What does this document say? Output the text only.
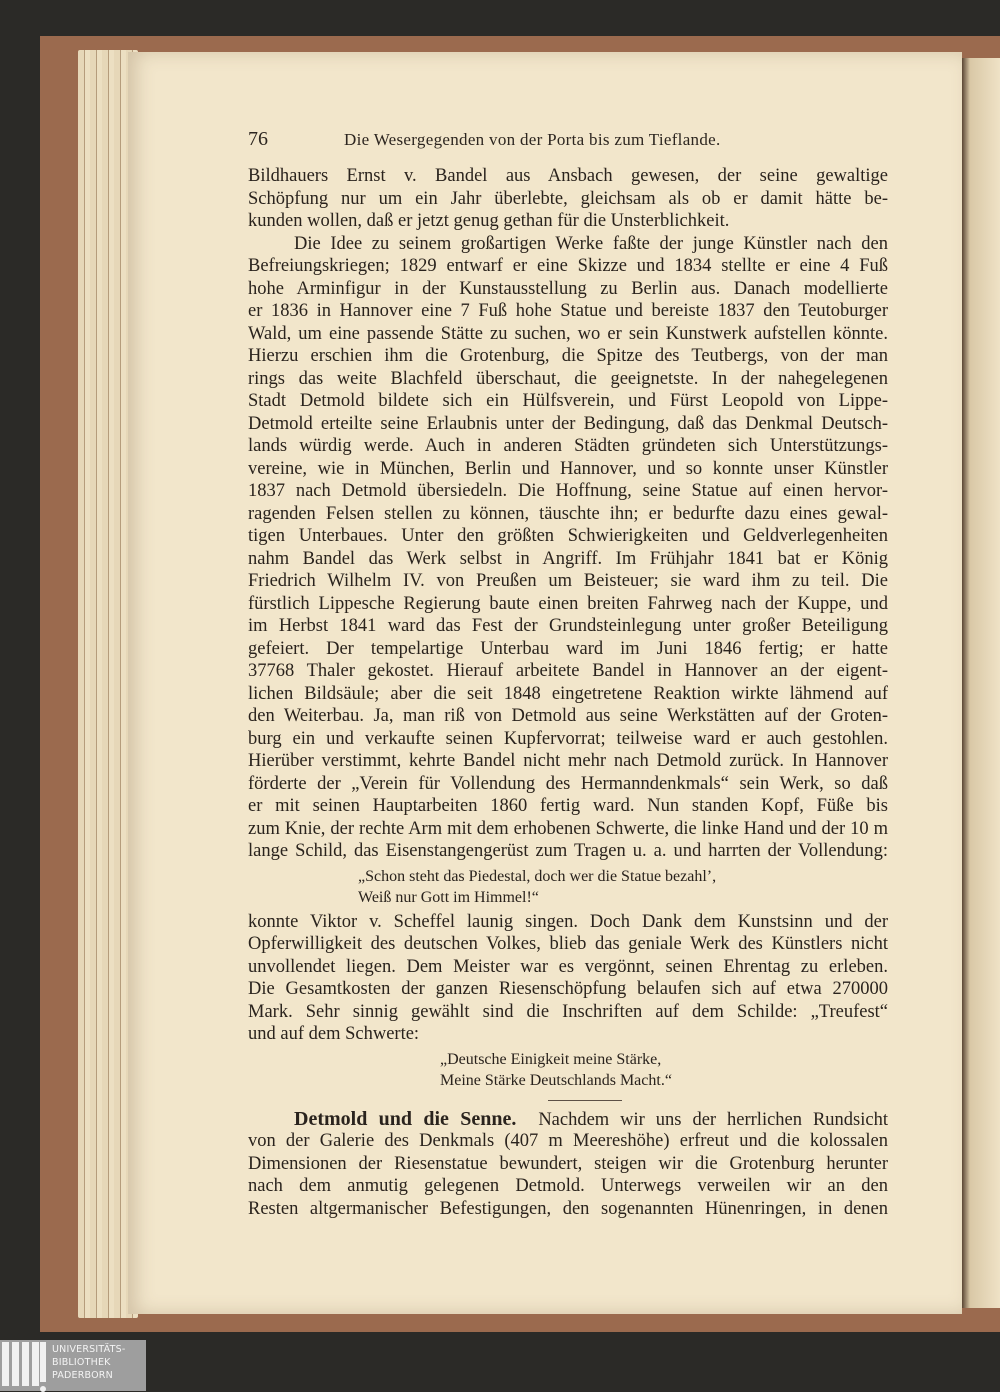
76	Die Wesergegenden von der Porta bis zum Tieflande.
Bildhauers Ernst v. Bandel aus Ansbach gewesen, der seine gewaltige
Schöpfung nur um ein Jahr überlebte, gleichsam als ob er damit hätte be-
kunden wollen, daß er jetzt genug gethan für die Unsterblichkeit.
Die Idee zu seinem großartigen Werke faßte der junge Künstler nach den
Befreiungskriegen; 1829 entwarf er eine Skizze und 1834 stellte er eine 4 Fuß
hohe Arminfigur in der Kunstausstellung zu Berlin aus. Danach modellierte
er 1836 in Hannover eine 7 Fuß hohe Statue und bereiste 1837 den Teutoburger
Wald, um eine passende Stätte zu suchen, wo er sein Kunstwerk aufstellen könnte.
Hierzu erschien ihm die Grotenburg, die Spitze des Teutbergs, von der man
rings das weite Blachfeld überschaut, die geeignetste. In der nahegelegenen
Stadt Detmold bildete sich ein Hülfsverein, und Fürst Leopold von Lippe-
Detmold erteilte seine Erlaubnis unter der Bedingung, daß das Denkmal Deutsch-
lands würdig werde. Auch in anderen Städten gründeten sich Unterstützungs-
vereine, wie in München, Berlin und Hannover, und so konnte unser Künstler
1837 nach Detmold übersiedeln. Die Hoffnung, seine Statue auf einen hervor-
ragenden Felsen stellen zu können, täuschte ihn; er bedurfte dazu eines gewal-
tigen Unterbaues. Unter den größten Schwierigkeiten und Geldverlegenheiten
nahm Bandel das Werk selbst in Angriff. Im Frühjahr 1841 bat er König
Friedrich Wilhelm IV. von Preußen um Beisteuer; sie ward ihm zu teil. Die
fürstlich Lippesche Regierung baute einen breiten Fahrweg nach der Kuppe, und
im Herbst 1841 ward das Fest der Grundsteinlegung unter großer Beteiligung
gefeiert. Der tempelartige Unterbau ward im Juni 1846 fertig; er hatte
37768 Thaler gekostet. Hierauf arbeitete Bandel in Hannover an der eigent-
lichen Bildsäule; aber die seit 1848 eingetretene Reaktion wirkte lähmend auf
den Weiterbau. Ja, man riß von Detmold aus seine Werkstätten auf der Groten-
burg ein und verkaufte seinen Kupfervorrat; teilweise ward er auch gestohlen.
Hierüber verstimmt, kehrte Bandel nicht mehr nach Detmold zurück. In Hannover
förderte der „Verein für Vollendung des Hermanndenkmals“ sein Werk, so daß
er mit seinen Hauptarbeiten 1860 fertig ward. Nun standen Kopf, Füße bis
zum Knie, der rechte Arm mit dem erhobenen Schwerte, die linke Hand und der 10 m
lange Schild, das Eisenstangengerüst zum Tragen u. a. und harrten der Vollendung:
„Schon steht das Piedestal, doch wer die Statue bezahl’,
Weiß nur Gott im Himmel!“
konnte Viktor v. Scheffel launig singen. Doch Dank dem Kunstsinn und der
Opferwilligkeit des deutschen Volkes, blieb das geniale Werk des Künstlers nicht
unvollendet liegen. Dem Meister war es vergönnt, seinen Ehrentag zu erleben.
Die Gesamtkosten der ganzen Riesenschöpfung belaufen sich auf etwa 270000
Mark. Sehr sinnig gewählt sind die Inschriften auf dem Schilde: „Treufest“
und auf dem Schwerte:
„Deutsche Einigkeit meine Stärke,
Meine Stärke Deutschlands Macht.“
Detmold und die Senne. Nachdem wir uns der herrlichen Rundsicht
von der Galerie des Denkmals (407 m Meereshöhe) erfreut und die kolossalen
Dimensionen der Riesenstatue bewundert, steigen wir die Grotenburg herunter
nach dem anmutig gelegenen Detmold. Unterwegs verweilen wir an den
Resten altgermanischer Befestigungen, den sogenannten Hünenringen, in denen
UNIVERSITÄTS-
BIBLIOTHEK
PADERBORN
